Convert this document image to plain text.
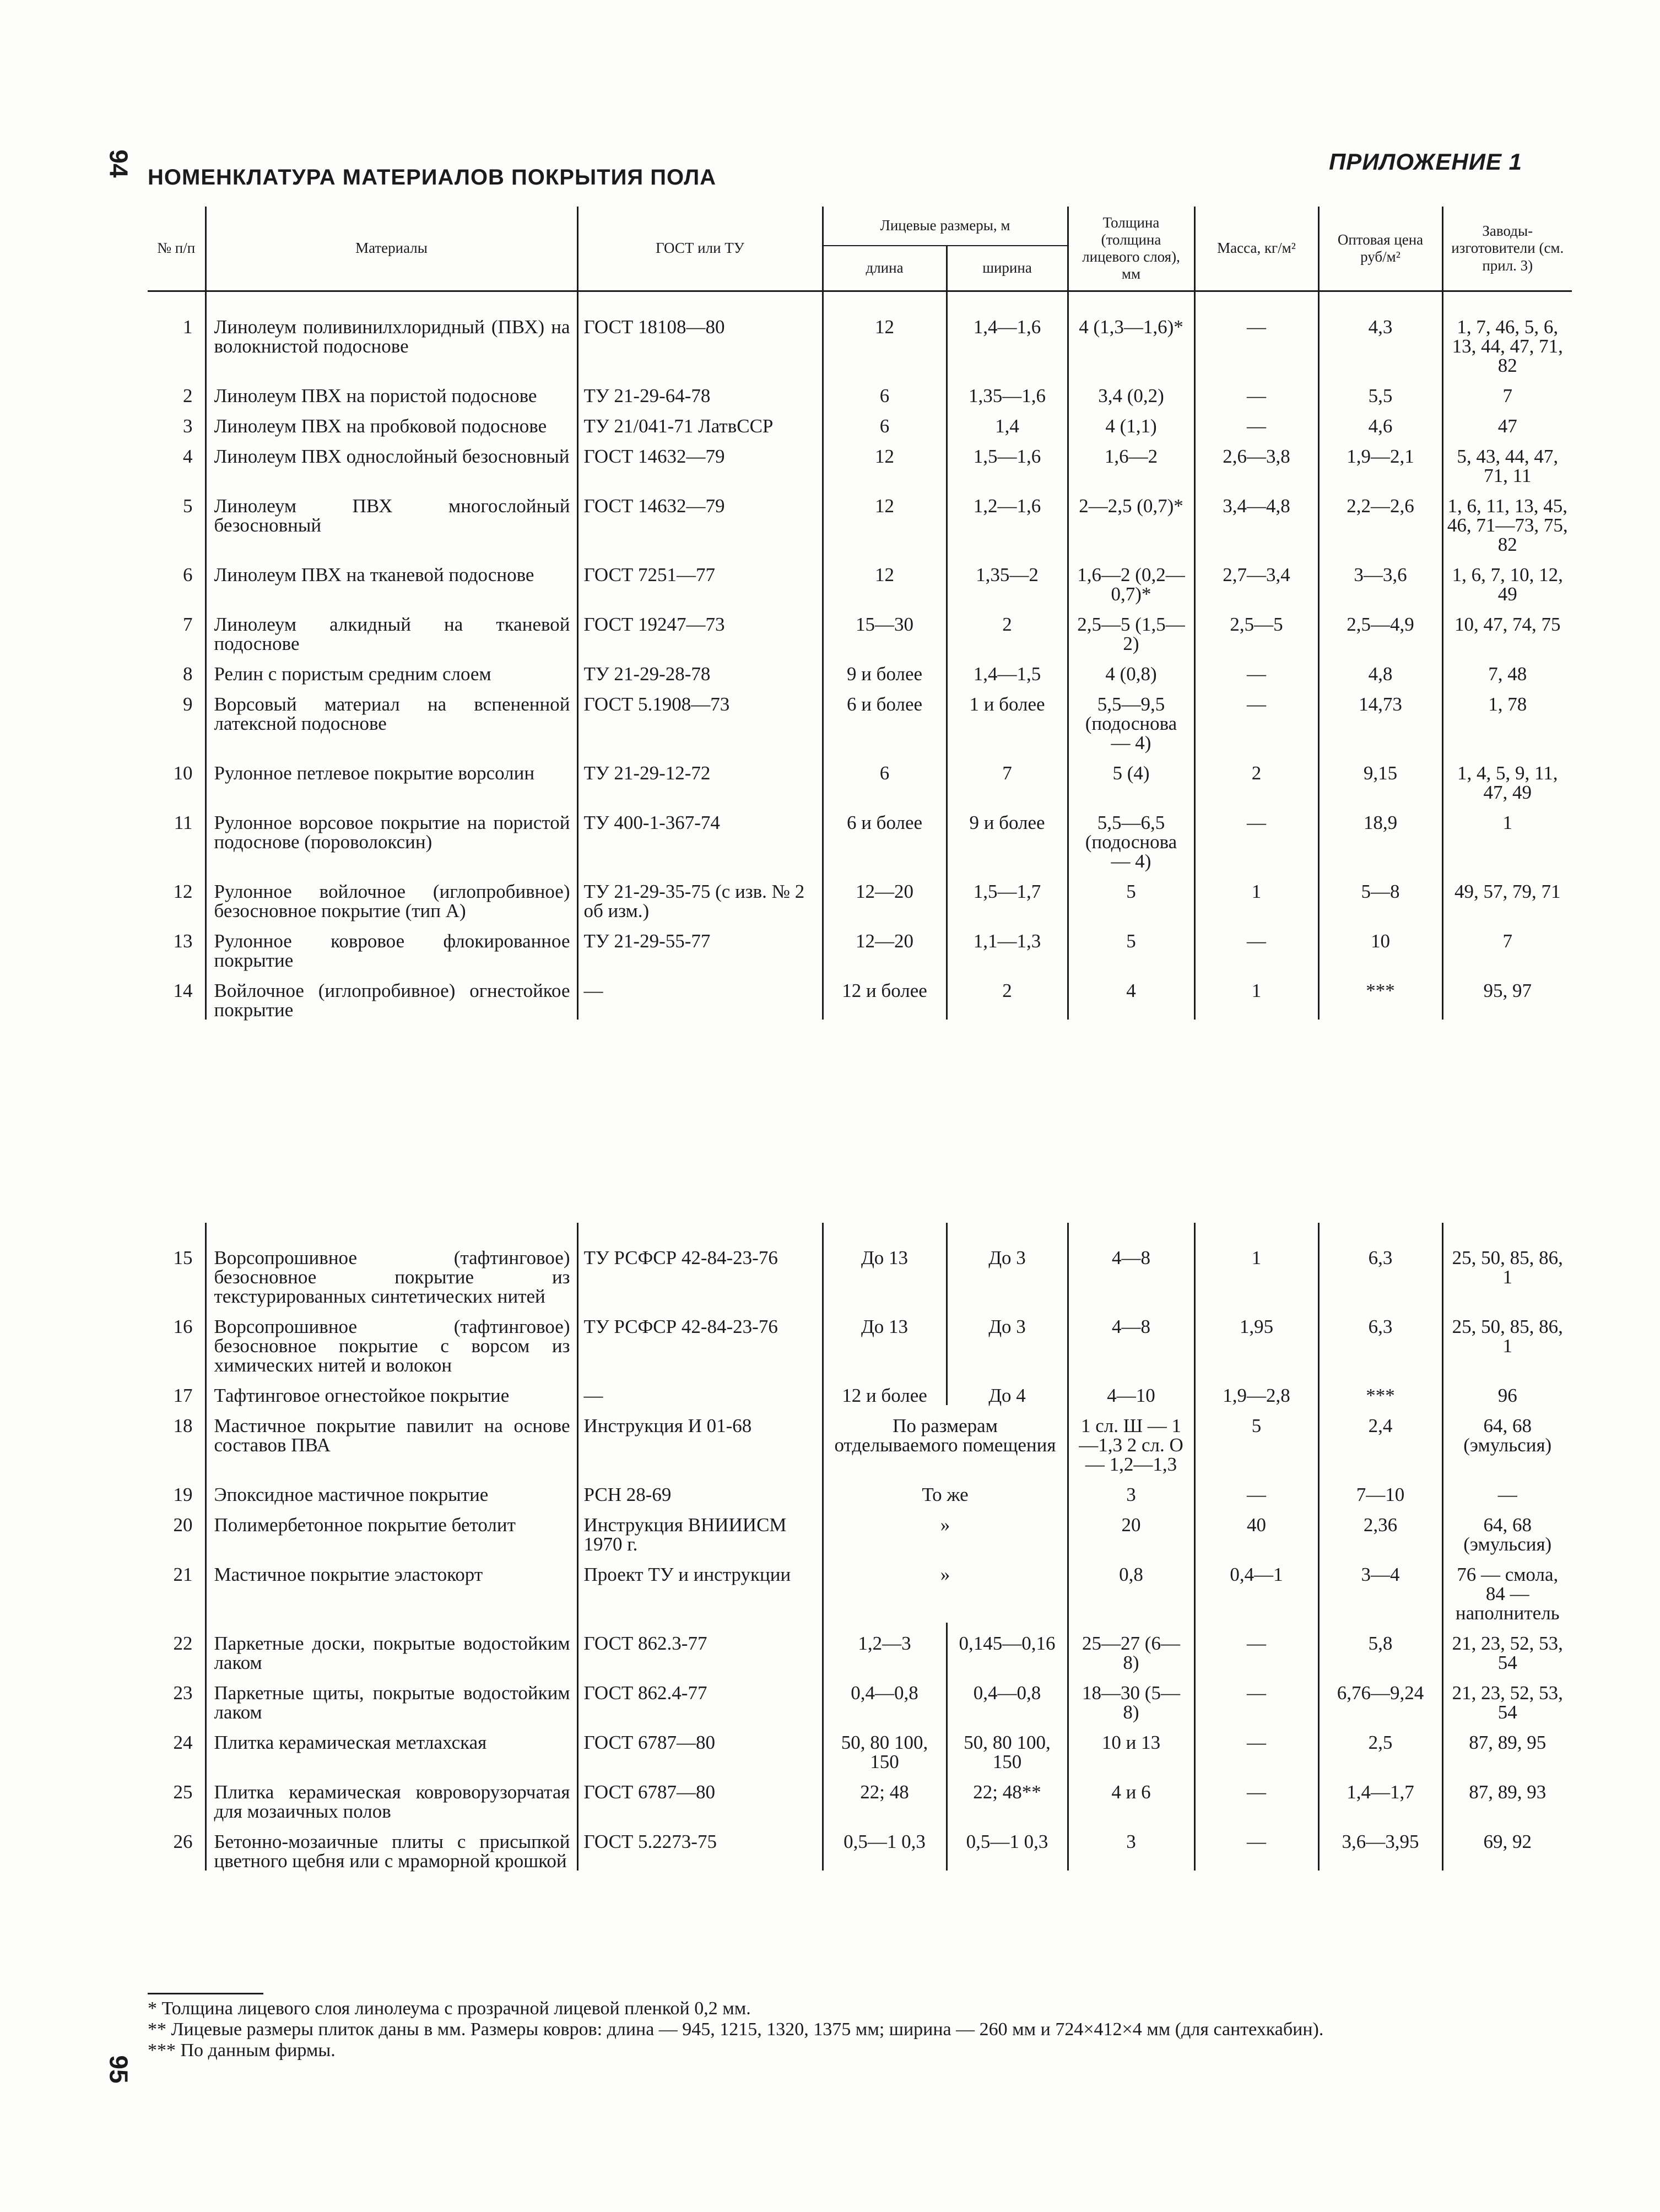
94 НОМЕНКЛАТУРА МАТЕРИАЛОВ ПОКРЫТИЯ ПОЛА
ПРИЛОЖЕНИЕ 1
№ п/п	Материалы	ГОСТ или ТУ	Лицевые размеры, м		Толщина (толщина лицевого слоя), мм	Масса, кг/м²	Оптовая цена руб/м²	Заводы-изготовители (см. прил. 3)
			длина	ширина				

1	Линолеум поливинилхлоридный (ПВХ) на волокнистой подоснове	ГОСТ 18108—80	12	1,4—1,6	4 (1,3—1,6)*	—	4,3	1, 7, 46, 5, 6, 13, 44, 47, 71, 82
2	Линолеум ПВХ на пористой подоснове	ТУ 21-29-64-78	6	1,35—1,6	3,4 (0,2)	—	5,5	7
3	Линолеум ПВХ на пробковой подоснове	ТУ 21/041-71 ЛатвССР	6	1,4	4 (1,1)	—	4,6	47
4	Линолеум ПВХ однослойный безосновный	ГОСТ 14632—79	12	1,5—1,6	1,6—2	2,6—3,8	1,9—2,1	5, 43, 44, 47, 71, 11
5	Линолеум ПВХ многослойный безосновный	ГОСТ 14632—79	12	1,2—1,6	2—2,5 (0,7)*	3,4—4,8	2,2—2,6	1, 6, 11, 13, 45, 46, 71—73, 75, 82
6	Линолеум ПВХ на тканевой подоснове	ГОСТ 7251—77	12	1,35—2	1,6—2 (0,2—0,7)*	2,7—3,4	3—3,6	1, 6, 7, 10, 12, 49
7	Линолеум алкидный на тканевой подоснове	ГОСТ 19247—73	15—30	2	2,5—5 (1,5—2)	2,5—5	2,5—4,9	10, 47, 74, 75
8	Релин с пористым средним слоем	ТУ 21-29-28-78	9 и более	1,4—1,5	4 (0,8)	—	4,8	7, 48
9	Ворсовый материал на вспененной латексной подоснове	ГОСТ 5.1908—73	6 и более	1 и более	5,5—9,5 (подоснова — 4)	—	14,73	1, 78
10	Рулонное петлевое покрытие ворсолин	ТУ 21-29-12-72	6	7	5 (4)	2	9,15	1, 4, 5, 9, 11, 47, 49
11	Рулонное ворсовое покрытие на пористой подоснове (пороволоксин)	ТУ 400-1-367-74	6 и более	9 и более	5,5—6,5 (подоснова — 4)	—	18,9	1
12	Рулонное войлочное (иглопробивное) безосновное покрытие (тип А)	ТУ 21-29-35-75 (с изв. № 2 об изм.)	12—20	1,5—1,7	5	1	5—8	49, 57, 79, 71
13	Рулонное ковровое флокированное покрытие	ТУ 21-29-55-77	12—20	1,1—1,3	5	—	10	7
14	Войлочное (иглопробивное) огнестойкое покрытие	—	12 и более	2	4	1	***	95, 97

15	Ворсопрошивное (тафтинговое) безосновное покрытие из текстурированных синтетических нитей	ТУ РСФСР 42-84-23-76	До 13	До 3	4—8	1	6,3	25, 50, 85, 86, 1
16	Ворсопрошивное (тафтинговое) безосновное покрытие с ворсом из химических нитей и волокон	ТУ РСФСР 42-84-23-76	До 13	До 3	4—8	1,95	6,3	25, 50, 85, 86, 1
17	Тафтинговое огнестойкое покрытие	—	12 и более	До 4	4—10	1,9—2,8	***	96
18	Мастичное покрытие павилит на основе составов ПВА	Инструкция И 01-68	По размерам отделываемого помещения		1 сл. Ш — 1—1,3 2 сл. О — 1,2—1,3	5	2,4	64, 68 (эмульсия)
19	Эпоксидное мастичное покрытие	РСН 28-69	То же		3	—	7—10	—
20	Полимербетонное покрытие бетолит	Инструкция ВНИИИСМ 1970 г.	»		20	40	2,36	64, 68 (эмульсия)
21	Мастичное покрытие эластокорт	Проект ТУ и инструкции	»		0,8	0,4—1	3—4	76 — смола, 84 — наполнитель
22	Паркетные доски, покрытые водостойким лаком	ГОСТ 862.3-77	1,2—3	0,145—0,16	25—27 (6—8)	—	5,8	21, 23, 52, 53, 54
23	Паркетные щиты, покрытые водостойким лаком	ГОСТ 862.4-77	0,4—0,8	0,4—0,8	18—30 (5—8)	—	6,76—9,24	21, 23, 52, 53, 54
24	Плитка керамическая метлахская	ГОСТ 6787—80	50, 80 100, 150	50, 80 100, 150	10 и 13	—	2,5	87, 89, 95
25	Плитка керамическая ковроворузорчатая для мозаичных полов	ГОСТ 6787—80	22; 48	22; 48**	4 и 6	—	1,4—1,7	87, 89, 93
26	Бетонно-мозаичные плиты с присыпкой цветного щебня или с мраморной крошкой	ГОСТ 5.2273-75	0,5—1 0,3	0,5—1 0,3	3	—	3,6—3,95	69, 92
* Толщина лицевого слоя линолеума с прозрачной лицевой пленкой 0,2 мм.
** Лицевые размеры плиток даны в мм. Размеры ковров: длина — 945, 1215, 1320, 1375 мм; ширина — 260 мм и 724×412×4 мм (для сантехкабин).
*** По данным фирмы.
95
